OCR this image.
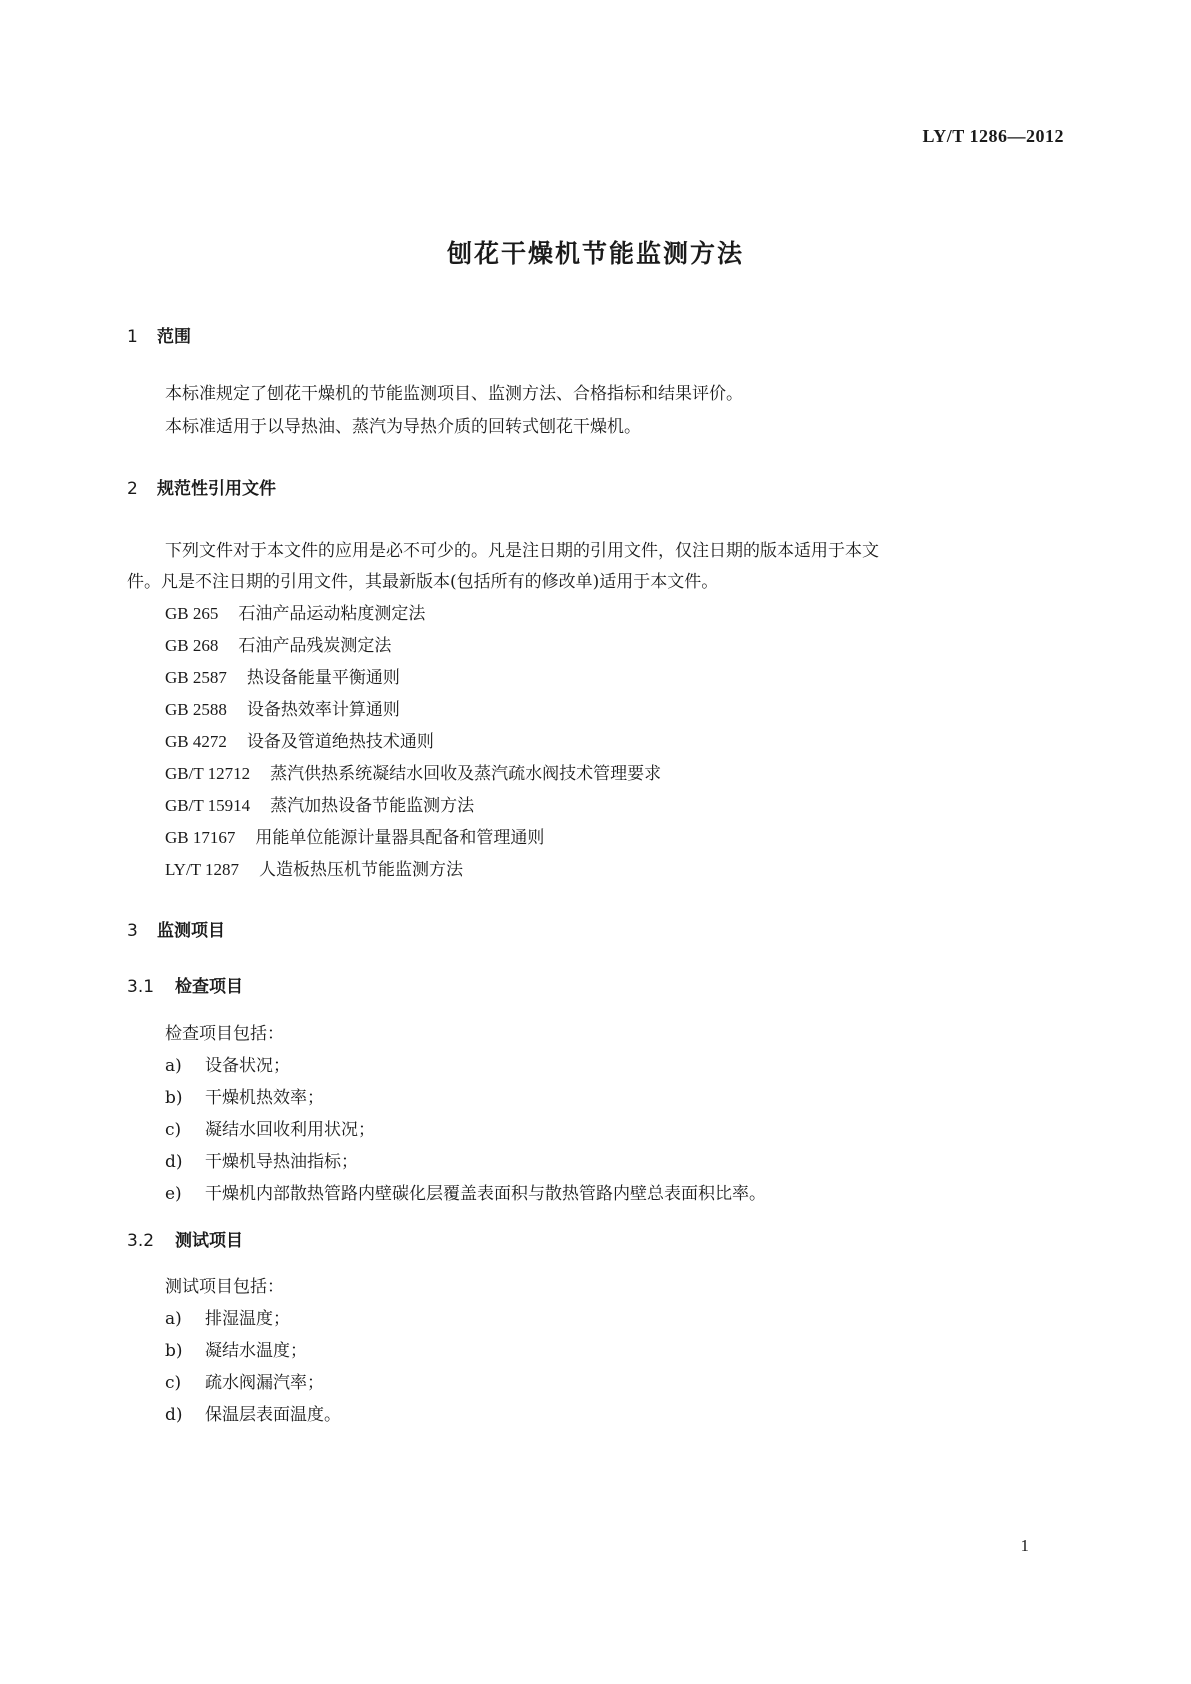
LY/T 1286—2012
刨花干燥机节能监测方法
1 范围
本标准规定了刨花干燥机的节能监测项目、监测方法、合格指标和结果评价。
本标准适用于以导热油、蒸汽为导热介质的回转式刨花干燥机。
2 规范性引用文件
下列文件对于本文件的应用是必不可少的。凡是注日期的引用文件，仅注日期的版本适用于本文
件。凡是不注日期的引用文件，其最新版本(包括所有的修改单)适用于本文件。
GB 265 石油产品运动粘度测定法
GB 268 石油产品残炭测定法
GB 2587 热设备能量平衡通则
GB 2588 设备热效率计算通则
GB 4272 设备及管道绝热技术通则
GB/T 12712 蒸汽供热系统凝结水回收及蒸汽疏水阀技术管理要求
GB/T 15914 蒸汽加热设备节能监测方法
GB 17167 用能单位能源计量器具配备和管理通则
LY/T 1287 人造板热压机节能监测方法
3 监测项目
3.1 检查项目
检查项目包括：
a) 设备状况；
b) 干燥机热效率；
c) 凝结水回收利用状况；
d) 干燥机导热油指标；
e) 干燥机内部散热管路内壁碳化层覆盖表面积与散热管路内壁总表面积比率。
3.2 测试项目
测试项目包括：
a) 排湿温度；
b) 凝结水温度；
c) 疏水阀漏汽率；
d) 保温层表面温度。
1
